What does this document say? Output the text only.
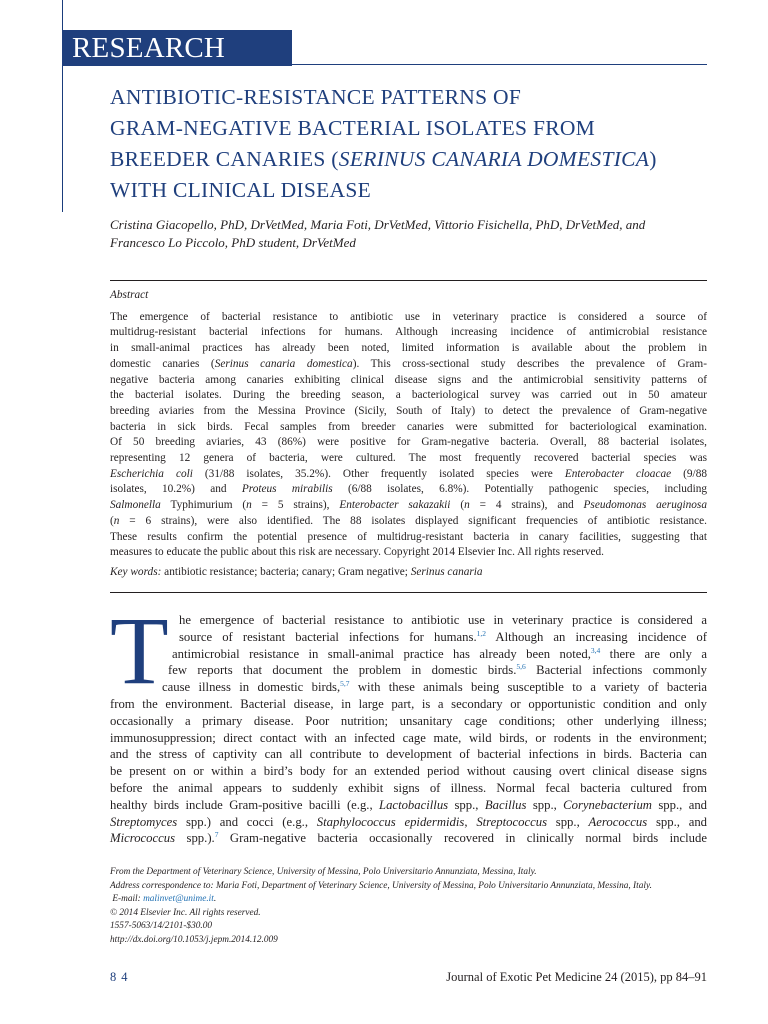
RESEARCH
ANTIBIOTIC-RESISTANCE PATTERNS OF
GRAM-NEGATIVE BACTERIAL ISOLATES FROM
BREEDER CANARIES (SERINUS CANARIA DOMESTICA)
WITH CLINICAL DISEASE

Cristina Giacopello, PhD, DrVetMed, Maria Foti, DrVetMed, Vittorio Fisichella, PhD, DrVetMed, and
Francesco Lo Piccolo, PhD student, DrVetMed

Abstract

The emergence of bacterial resistance to antibiotic use in veterinary practice is considered a source of
multidrug-resistant bacterial infections for humans. Although increasing incidence of antimicrobial resistance
in small-animal practices has already been noted, limited information is available about the problem in
domestic canaries (Serinus canaria domestica). This cross-sectional study describes the prevalence of Gram-
negative bacteria among canaries exhibiting clinical disease signs and the antimicrobial sensitivity patterns of
the bacterial isolates. During the breeding season, a bacteriological survey was carried out in 50 amateur
breeding aviaries from the Messina Province (Sicily, South of Italy) to detect the prevalence of Gram-negative
bacteria in sick birds. Fecal samples from breeder canaries were submitted for bacteriological examination.
Of 50 breeding aviaries, 43 (86%) were positive for Gram-negative bacteria. Overall, 88 bacterial isolates,
representing 12 genera of bacteria, were cultured. The most frequently recovered bacterial species was
Escherichia coli (31/88 isolates, 35.2%). Other frequently isolated species were Enterobacter cloacae (9/88
isolates, 10.2%) and Proteus mirabilis (6/88 isolates, 6.8%). Potentially pathogenic species, including
Salmonella Typhimurium (n = 5 strains), Enterobacter sakazakii (n = 4 strains), and Pseudomonas aeruginosa
(n = 6 strains), were also identified. The 88 isolates displayed significant frequencies of antibiotic resistance.
These results confirm the potential presence of multidrug-resistant bacteria in canary facilities, suggesting that
measures to educate the public about this risk are necessary. Copyright 2014 Elsevier Inc. All rights reserved.

Key words: antibiotic resistance; bacteria; canary; Gram negative; Serinus canaria

T he emergence of bacterial resistance to antibiotic use in veterinary practice is considered a
source of resistant bacterial infections for humans.$^{1,2}$ Although an increasing incidence of
antimicrobial resistance in small-animal practice has already been noted,$^{3,4}$ there are only a
few reports that document the problem in domestic birds.$^{5,6}$ Bacterial infections commonly
cause illness in domestic birds,$^{5,7}$ with these animals being susceptible to a variety of bacteria
from the environment. Bacterial disease, in large part, is a secondary or opportunistic condition and only
occasionally a primary disease. Poor nutrition; unsanitary cage conditions; other underlying illness;
immunosuppression; direct contact with an infected cage mate, wild birds, or rodents in the environment;
and the stress of captivity can all contribute to development of bacterial infections in birds. Bacteria can
be present on or within a bird’s body for an extended period without causing overt clinical disease signs
before the animal appears to suddenly exhibit signs of illness. Normal fecal bacteria cultured from
healthy birds include Gram-positive bacilli (e.g., Lactobacillus spp., Bacillus spp., Corynebacterium spp., and
Streptomyces spp.) and cocci (e.g., Staphylococcus epidermidis, Streptococcus spp., Aerococcus spp., and
Micrococcus spp.).$^7$ Gram-negative bacteria occasionally recovered in clinically normal birds include
From the Department of Veterinary Science, University of Messina, Polo Universitario Annunziata, Messina, Italy.
Address correspondence to: Maria Foti, Department of Veterinary Science, University of Messina, Polo Universitario Annunziata, Messina, Italy.
E-mail: malinvet@unime.it.
© 2014 Elsevier Inc. All rights reserved.
1557-5063/14/2101-$30.00
http://dx.doi.org/10.1053/j.jepm.2014.12.009
84	Journal of Exotic Pet Medicine 24 (2015), pp 84–91
